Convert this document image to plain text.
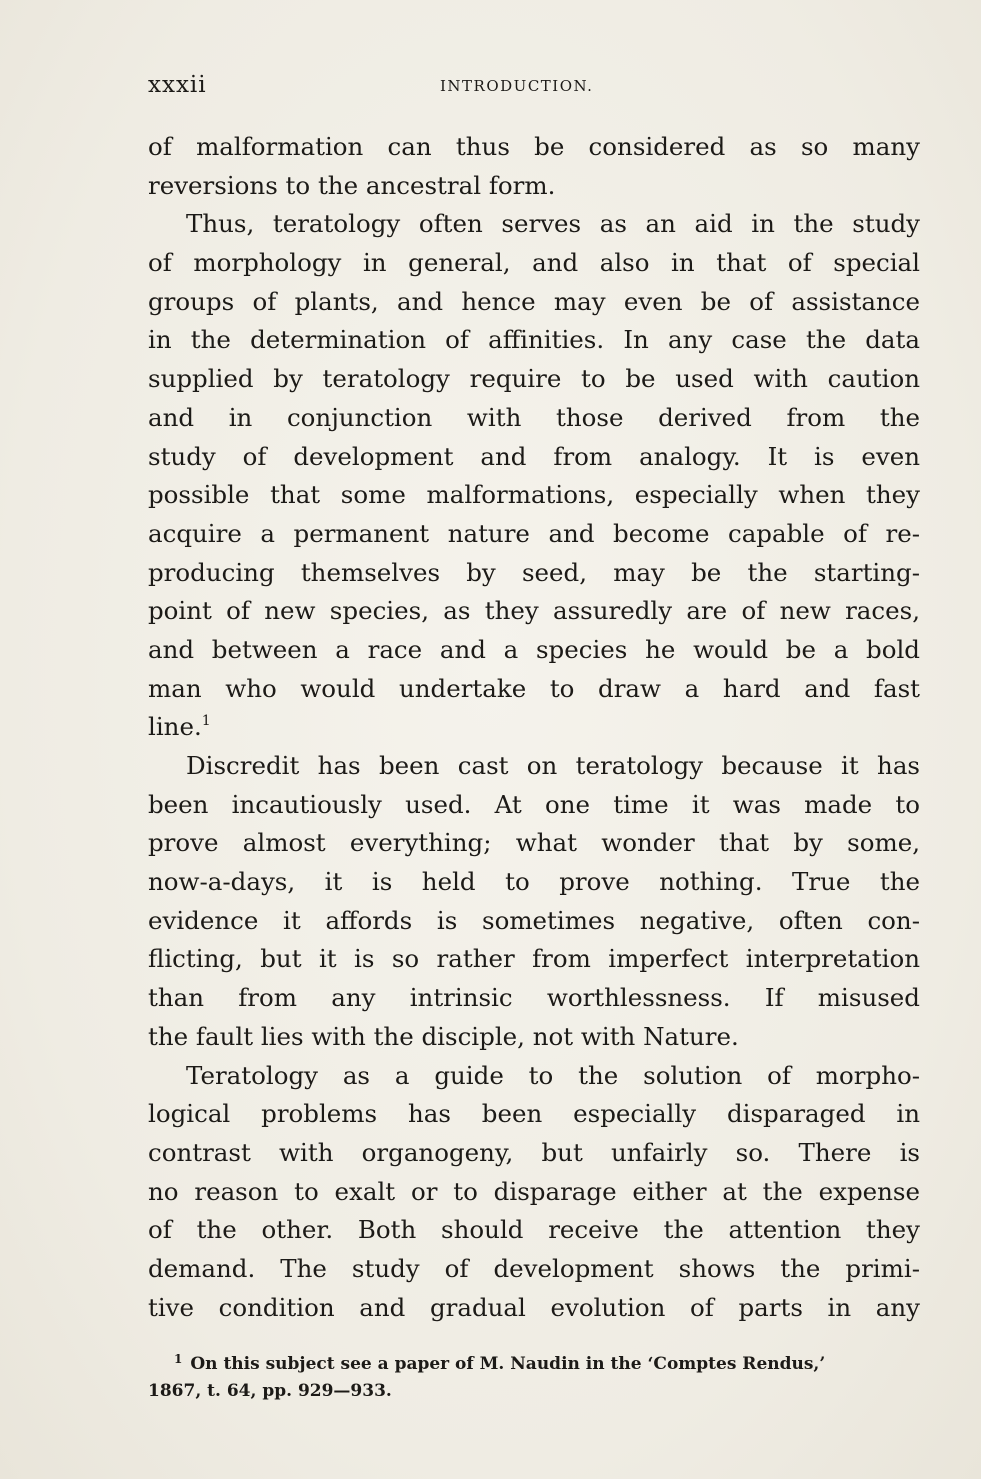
xxxii	INTRODUCTION.
of malformation can thus be considered as so many
reversions to the ancestral form.
Thus, teratology often serves as an aid in the study
of morphology in general, and also in that of special
groups of plants, and hence may even be of assistance
in the determination of affinities. In any case the data
supplied by teratology require to be used with caution
and in conjunction with those derived from the
study of development and from analogy. It is even
possible that some malformations, especially when they
acquire a permanent nature and become capable of re-
producing themselves by seed, may be the starting-
point of new species, as they assuredly are of new races,
and between a race and a species he would be a bold
man who would undertake to draw a hard and fast
line.$^1$
Discredit has been cast on teratology because it has
been incautiously used. At one time it was made to
prove almost everything; what wonder that by some,
now-a-days, it is held to prove nothing. True the
evidence it affords is sometimes negative, often con-
flicting, but it is so rather from imperfect interpretation
than from any intrinsic worthlessness. If misused
the fault lies with the disciple, not with Nature.
Teratology as a guide to the solution of morpho-
logical problems has been especially disparaged in
contrast with organogeny, but unfairly so. There is
no reason to exalt or to disparage either at the expense
of the other. Both should receive the attention they
demand. The study of development shows the primi-
tive condition and gradual evolution of parts in any
$^1$ On this subject see a paper of M. Naudin in the ‘Comptes Rendus,’
1867, t. 64, pp. 929—933.
